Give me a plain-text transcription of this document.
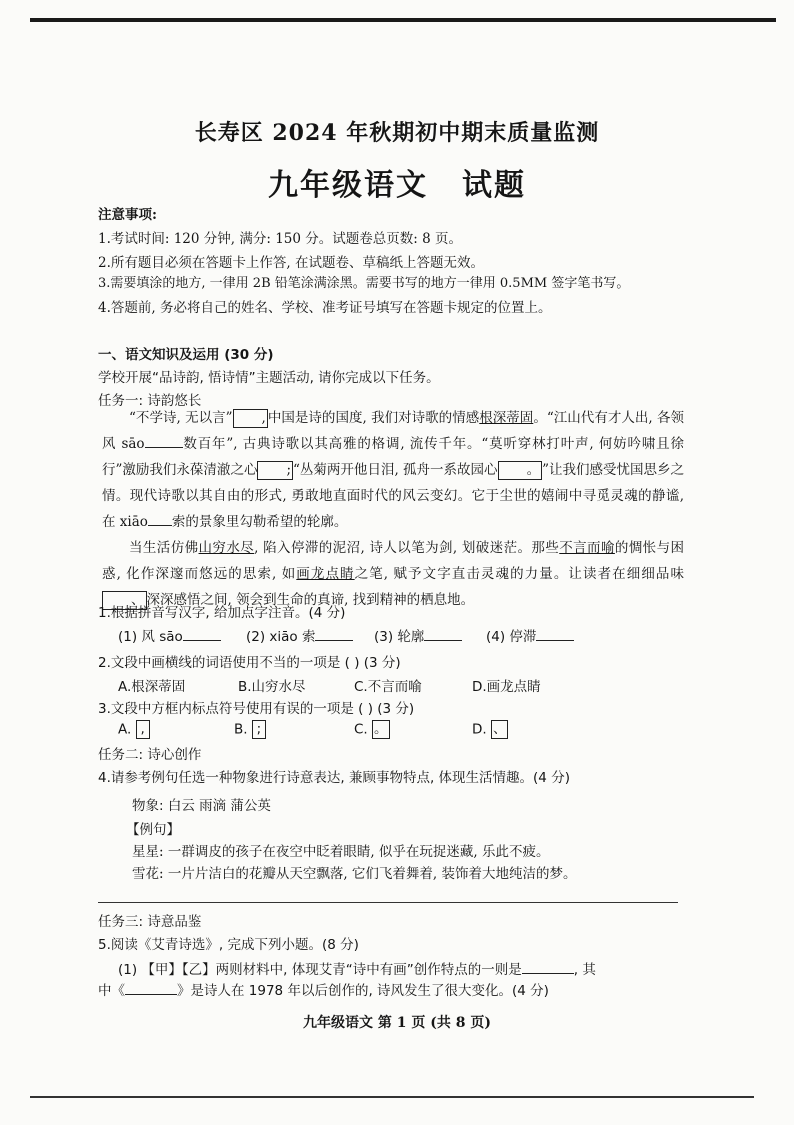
长寿区 2024 年秋期初中期末质量监测
九年级语文 试题
注意事项:
1.考试时间: 120 分钟, 满分: 150 分。试题卷总页数: 8 页。
2.所有题目必须在答题卡上作答, 在试题卷、草稿纸上答题无效。
3.需要填涂的地方, 一律用 2B 铅笔涂满涂黑。需要书写的地方一律用 0.5MM 签字笔书写。
4.答题前, 务必将自己的姓名、学校、准考证号填写在答题卡规定的位置上。
一、语文知识及运用 (30 分)
学校开展“品诗韵, 悟诗情”主题活动, 请你完成以下任务。
任务一: 诗韵悠长
“不学诗, 无以言” , 中国是诗的国度, 我们对诗歌的情感根深蒂固。“江山代有才人出, 各领风 sāo	数百年”, 古典诗歌以其高雅的格调, 流传千年。“莫听穿林打叶声, 何妨吟啸且徐行”激励我们永葆清澈之心 ; “丛菊两开他日泪, 孤舟一系故园心 。 ”让我们感受忧国思乡之情。现代诗歌以其自由的形式, 勇敢地直面时代的风云变幻。它于尘世的嬉闹中寻觅灵魂的静谧, 在 xiāo 索的景象里勾勒希望的轮廓。
当生活仿佛山穷水尽, 陷入停滞的泥沼, 诗人以笔为剑, 划破迷茫。那些不言而喻的惆怅与困惑, 化作深邃而悠远的思索, 如画龙点睛之笔, 赋予文字直击灵魂的力量。让读者在细细品味、 深深感悟之间, 领会到生命的真谛, 找到精神的栖息地。
1.根据拼音写汉字, 给加点字注音。(4 分)
(1) 风 sāo	(2) xiāo 索	(3) 轮廓	(4) 停滞
2.文段中画横线的词语使用不当的一项是 ( ) (3 分)
A.根深蒂固	B.山穷水尽	C.不言而喻	D.画龙点睛
3.文段中方框内标点符号使用有误的一项是 ( ) (3 分)
A. ,	B. ;	C. 。	D. 、
任务二: 诗心创作
4.请参考例句任选一种物象进行诗意表达, 兼顾事物特点, 体现生活情趣。(4 分)
物象: 白云 雨滴 蒲公英
【例句】
星星: 一群调皮的孩子在夜空中眨着眼睛, 似乎在玩捉迷藏, 乐此不疲。
雪花: 一片片洁白的花瓣从天空飘落, 它们飞着舞着, 装饰着大地纯洁的梦。
任务三: 诗意品鉴
5.阅读《艾青诗选》, 完成下列小题。(8 分)
(1) 【甲】【乙】两则材料中, 体现艾青“诗中有画”创作特点的一则是	, 其
中《	》是诗人在 1978 年以后创作的, 诗风发生了很大变化。(4 分)
九年级语文 第 1 页 (共 8 页)
